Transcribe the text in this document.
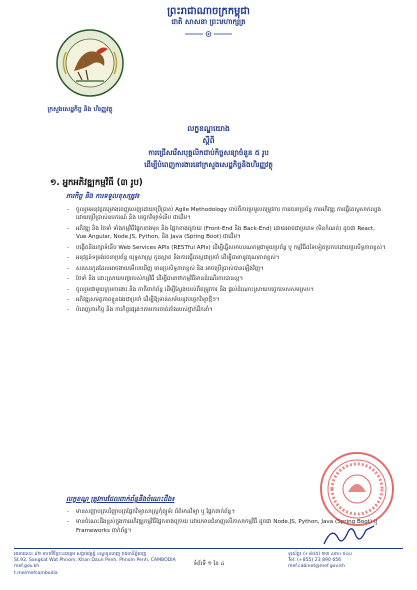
ព្រះរាជាណាចក្រកម្ពុជា
ជាតិ សាសនា ព្រះមហាក្សត្រ
ក្រសួងសេដ្ឋកិច្ច និង ហិរញ្ញវត្ថុ
លក្ខខណ្ឌយោង
ស្តីពី
ការជ្រើសរើសបុគ្គលិកជាប់កិច្ចសន្យាចំនួន ៥ រូប
ដើម្បីបំពេញការងារនៅក្រសួងសេដ្ឋកិច្ចនិងហិរញ្ញវត្ថុ
១. អ្នកអភិវឌ្ឍកម្មវិធី (៣ រូប)
ភារកិច្ច និង ការទទួលខុសត្រូវ៖
- ចូលរួមអនុវត្តគម្រោងពេញលេញដោយប្រើប្រាស់ Agile Methodology ចាប់ពីការប្រមូលតម្រូវការ ការរចនាប្រព័ន្ធ ការអភិវឌ្ឍ ការធ្វើតេស្តសាកល្បង ដោយប្រើប្រាស់ឧបករណ៍ និង បច្ចេកវិទ្យាទំនើប ជាដើម។
- អភិវឌ្ឍ និង ថែទាំ ទាំងកម្មវិធីផ្នែកខាងមុខ និង ផ្នែកខាងក្រោយ (Front-End និង Back-End) ដោយអាចជាប្រភេទ (មិនកំណត់) ដូចជា React, Vue Angular, Node.JS, Python, និង Java (Spring Boot) ជាដើម។
- បង្កើតនិងរក្សាទំនើប Web Services APIs (RESTful APIs) ដើម្បីធ្វើសមាហរណកម្មជាមួយប្រព័ន្ធ ឬ កម្មវិធីដទៃទៀតប្រកបដោយប្រសិទ្ធភាពខ្ពស់។
- អនុវត្តន៍ទម្រង់រចនាប្រព័ន្ធ យុទ្ធសាស្ត្រ កូដស្អាត និងការធ្វើតេស្តជាប្រចាំ ដើម្បីធានានូវគុណភាពខ្ពស់។
- សរសេរកូដដែលអាចងាយមើលឃើញ មានប្រសិទ្ធភាពខ្ពស់ និង អាចប្រើប្រាស់បានឡើងវិញ។
- ថែទាំ និង ដោះស្រាយបញ្ហារបស់កម្មវិធី ដើម្បីធានាថាកម្មវិធីមានដំណើរការបានល្អ។
- ចូលរួមជាមួយក្រុមការងារ និង ភាគីពាក់ព័ន្ធ ដើម្បីស្វែងយល់ពីតម្រូវការ និង ផ្តល់ដំណោះស្រាយបច្ចេកទេសសមស្រប។
- អភិវឌ្ឍសមត្ថភាពខ្លួនឯងជាប្រចាំ ដើម្បីឱ្យទាន់សម័យនូវបច្ចេកវិទ្យាថ្មីៗ។
- បំពេញភារកិច្ច និង ការកិច្ចផ្សេងៗតាមការចាត់តាំងរបស់ថ្នាក់ដឹកនាំ។
លក្ខខណ្ឌ ត្រូវការដែលពាក់ព័ន្ធនឹងចំណេះដឹង៖
- មានសញ្ញាបត្របរិញ្ញាបត្រផ្នែកវិទ្យាសាស្ត្រកុំព្យូទ័រ ព័ត៌មានវិទ្យា ឬ ផ្នែកពាក់ព័ន្ធ។
- មានចំណេះដឹងខ្ពស់ក្នុងការអភិវឌ្ឍកម្មវិធីផ្នែកខាងក្រោយ ដោយមានជំនាញលើភាសាកម្មវិធី ដូចជា Node.JS, Python, Java (Spring Boot) ឬ Frameworks ពាក់ព័ន្ធ។
អាគារលេខ ៩២ មហាវិថីព្រះនរោត្តម សង្កាត់វត្តភ្នំ ខណ្ឌដូនពេញ រាជធានីភ្នំពេញ
St.92, Sangkat Wat Phnom, Khan Daun Penh, Phnom Penh, CAMBODIA
mef.gov.kh
t.me/mefcambodia
ទំព័រទី ១ នៃ ៤
ទូរស័ព្ទ៖ (+៨៥៥) ២៣ ៤៣០ ៥៤០
Tel: (+855) 23 890 656
mef.cabinet@mef.gov.kh
